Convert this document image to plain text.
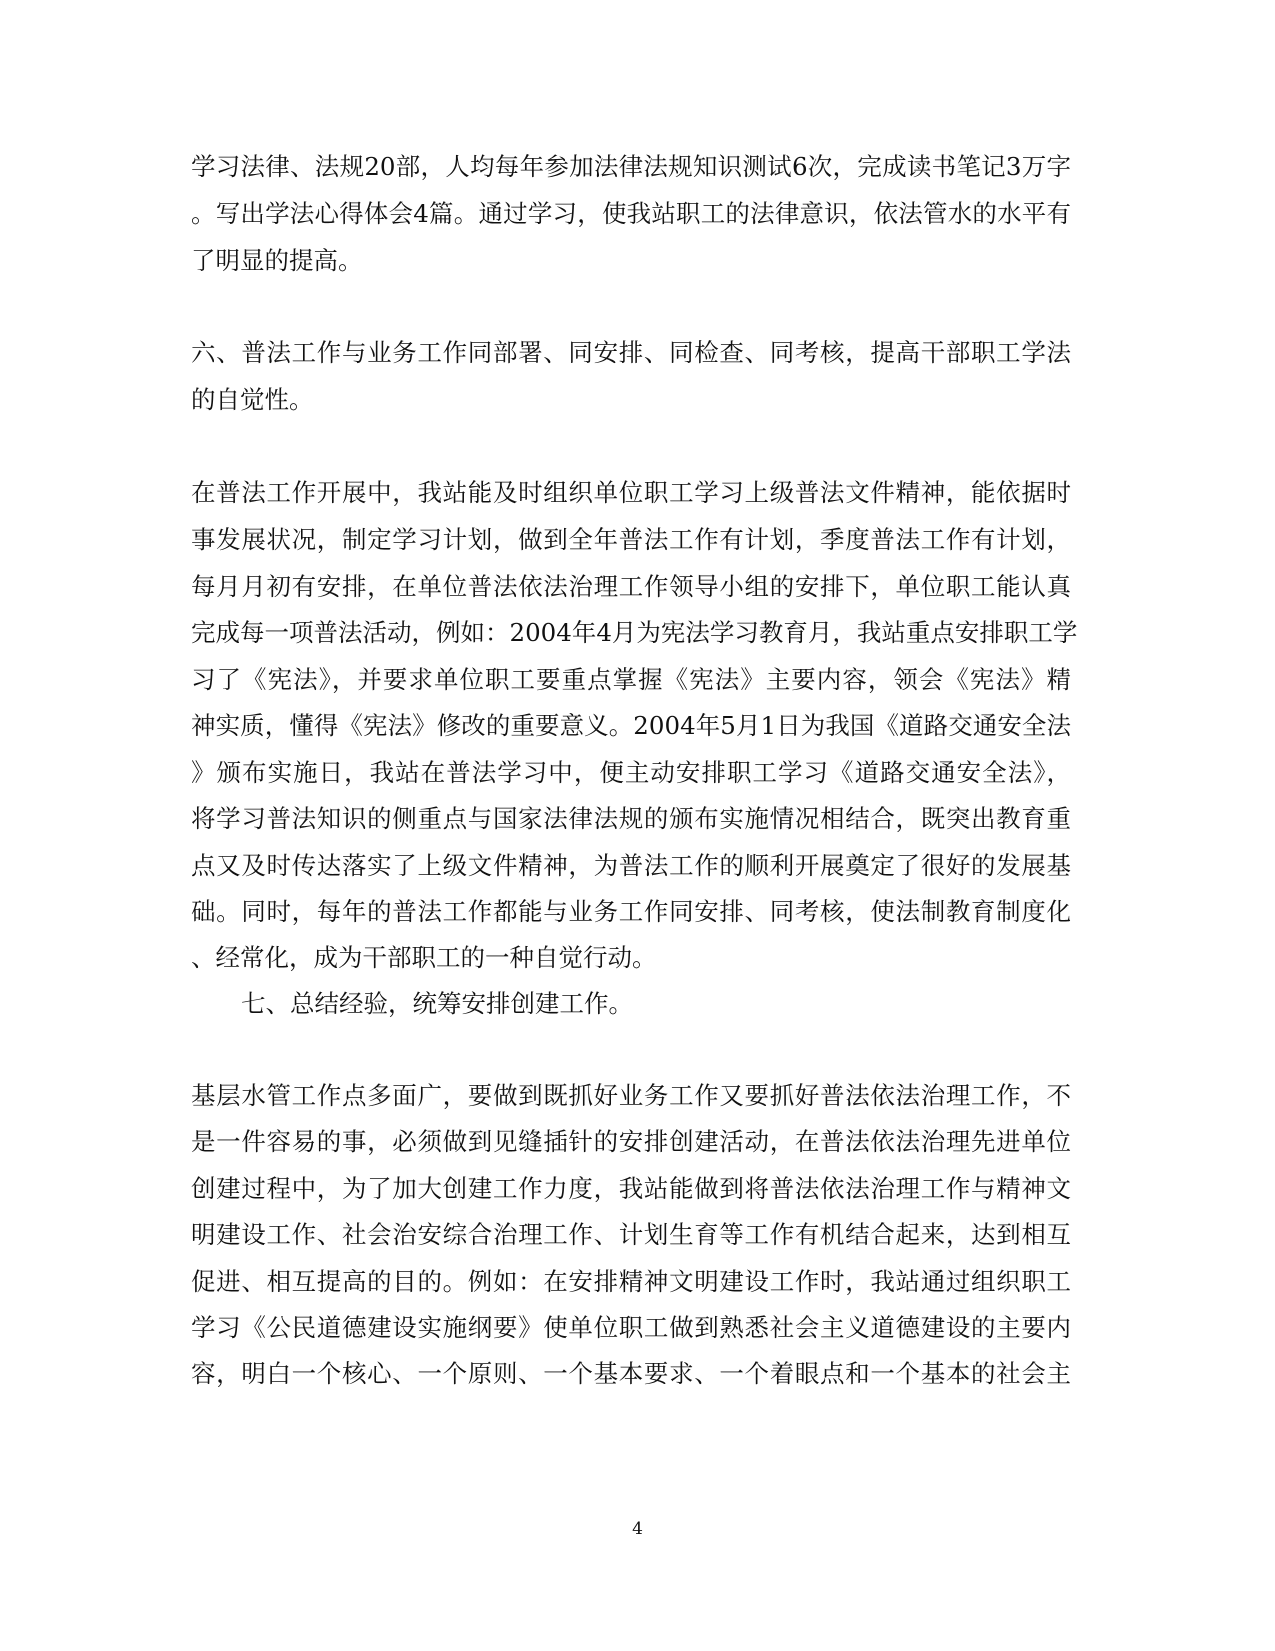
学习法律、法规20部，人均每年参加法律法规知识测试6次，完成读书笔记3万字
。写出学法心得体会4篇。通过学习，使我站职工的法律意识，依法管水的水平有
了明显的提高。
六、普法工作与业务工作同部署、同安排、同检查、同考核，提高干部职工学法
的自觉性。
在普法工作开展中，我站能及时组织单位职工学习上级普法文件精神，能依据时
事发展状况，制定学习计划，做到全年普法工作有计划，季度普法工作有计划，
每月月初有安排，在单位普法依法治理工作领导小组的安排下，单位职工能认真
完成每一项普法活动，例如：2004年4月为宪法学习教育月，我站重点安排职工学
习了《宪法》，并要求单位职工要重点掌握《宪法》主要内容，领会《宪法》精
神实质，懂得《宪法》修改的重要意义。2004年5月1日为我国《道路交通安全法
》颁布实施日，我站在普法学习中，便主动安排职工学习《道路交通安全法》，
将学习普法知识的侧重点与国家法律法规的颁布实施情况相结合，既突出教育重
点又及时传达落实了上级文件精神，为普法工作的顺利开展奠定了很好的发展基
础。同时，每年的普法工作都能与业务工作同安排、同考核，使法制教育制度化
、经常化，成为干部职工的一种自觉行动。
七、总结经验，统筹安排创建工作。
基层水管工作点多面广，要做到既抓好业务工作又要抓好普法依法治理工作，不
是一件容易的事，必须做到见缝插针的安排创建活动，在普法依法治理先进单位
创建过程中，为了加大创建工作力度，我站能做到将普法依法治理工作与精神文
明建设工作、社会治安综合治理工作、计划生育等工作有机结合起来，达到相互
促进、相互提高的目的。例如：在安排精神文明建设工作时，我站通过组织职工
学习《公民道德建设实施纲要》使单位职工做到熟悉社会主义道德建设的主要内
容，明白一个核心、一个原则、一个基本要求、一个着眼点和一个基本的社会主
4
